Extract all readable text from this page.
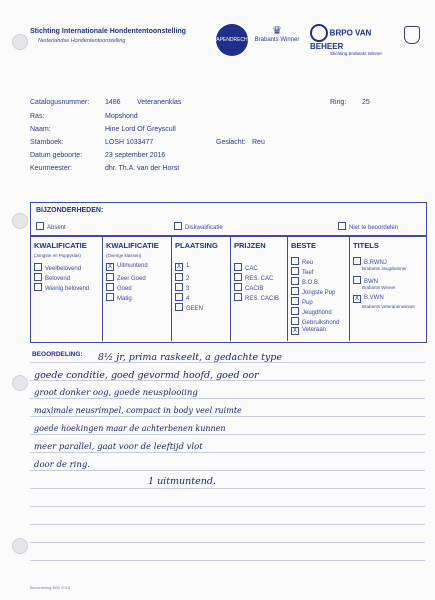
Stichting Internationale Hondententoonstelling
Nederlandse Hondententoonstelling	PAPENDRECHT
♛
Brabants Winner
BRPO VAN BEHEER
Stichting Brabants Winner
Catalogusnummer: 1486 Veteranenklas	Ring: 25
Ras:	Mopshond
Naam:	Hine Lord Of Greyscull
Stamboek:	LOSH 1033477	Geslacht: Reu
Datum geboorte:	23 september 2016
Keurmeester:	dhr. Th.A. van der Horst
BIJZONDERHEDEN:
Absent	Diskwalificatie	Niet te beoordelen
KWALIFICATIE
(Jongste en Puppyklas)
Veelbelovend
Belovend
Weinig belovend
KWALIFICATIE
(Overige klassen)
X Uitmuntend
Zeer Goed
Goed
Matig
PLAATSING
X 1
2
3
4
GEEN
PRIJZEN
CAC
RES. CAC
CACIB
RES. CACIB
BESTE
Reu
Teef
B.O.B.
Jongste Pup
Pup
Jeugdhond
Gebruikshond
X Veteraan
TITELS
B.RWNJ
Brabants Jeugdwinner
BWN
Brabants Winner
X B.VWN
Brabants Veteranenwinner
BEOORDELING: 8½ jr, prima raskeelt, a gedachte type
goede conditie, goed gevormd hoofd, goed oor
groot donker oog, goede neusplooiing
maximale neusrimpel, compact in body veel ruimte
goede hoekingen maar de achterbenen kunnen
meer parallel, gaat voor de leeftijd vlot
door de ring.
1 uitmuntend.
Beoordeling WW 2015
